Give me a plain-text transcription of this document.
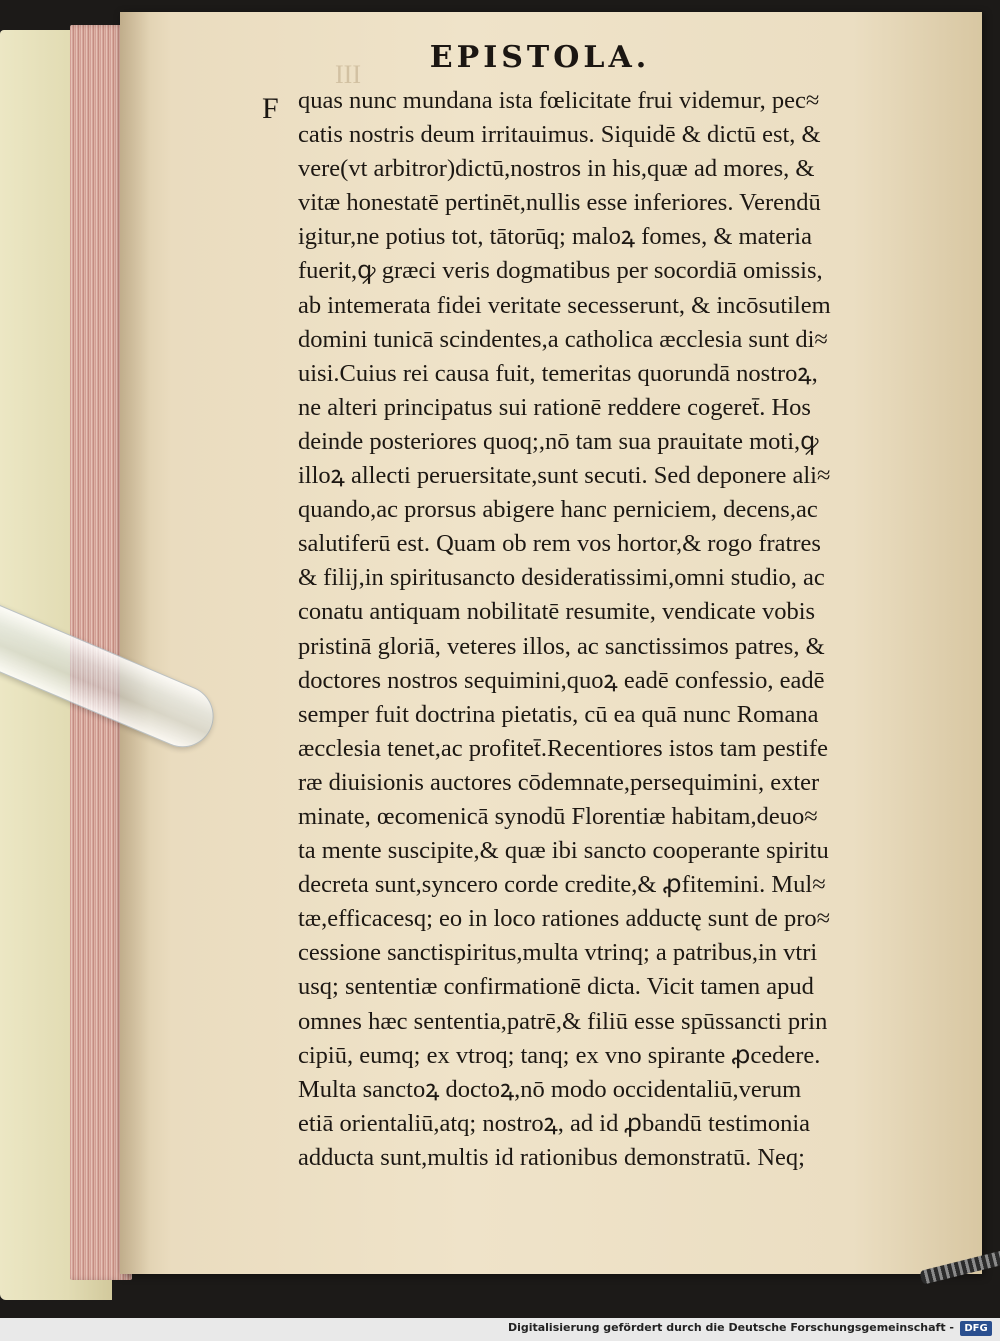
III	EPISTOLA.
F quas nunc mundana ista fœlicitate frui videmur, pec≈
catis nostris deum irritauimus. Siquidē & dictū est, &
vere(vt arbitror)dictū,nostros in his,quæ ad mores, &
vitæ honestatē pertinēt,nullis esse inferiores. Verendū
igitur,ne potius tot, tātorūq; maloꝝ fomes, & materia
fuerit,ꝙ græci veris dogmatibus per socordiā omissis,
ab intemerata fidei veritate secesserunt, & incōsutilem
domini tunicā scindentes,a catholica æcclesia sunt di≈
uisi.Cuius rei causa fuit, temeritas quorundā nostroꝝ,
ne alteri principatus sui rationē reddere cogeret̄. Hos
deinde posteriores quoq;,nō tam sua prauitate moti,ꝙ
illoꝝ allecti peruersitate,sunt secuti. Sed deponere ali≈
quando,ac prorsus abigere hanc perniciem, decens,ac
salutiferū est. Quam ob rem vos hortor,& rogo fratres
& filij,in spiritusancto desideratissimi,omni studio, ac
conatu antiquam nobilitatē resumite, vendicate vobis
pristinā gloriā, veteres illos, ac sanctissimos patres, &
doctores nostros sequimini,quoꝝ eadē confessio, eadē
semper fuit doctrina pietatis, cū ea quā nunc Romana
æcclesia tenet,ac profitet̄.Recentiores istos tam pestife
ræ diuisionis auctores cōdemnate,persequimini, exter
minate, œcomenicā synodū Florentiæ habitam,deuo≈
ta mente suscipite,& quæ ibi sancto cooperante spiritu
decreta sunt,syncero corde credite,& ꝓfitemini. Mul≈
tæ,efficacesq; eo in loco rationes adductę sunt de pro≈
cessione sanctispiritus,multa vtrinq; a patribus,in vtri
usq; sententiæ confirmationē dicta. Vicit tamen apud
omnes hæc sententia,patrē,& filiū esse spūssancti prin
cipiū, eumq; ex vtroq; tanq; ex vno spirante ꝓcedere.
Multa sanctoꝝ doctoꝝ,nō modo occidentaliū,verum
etiā orientaliū,atq; nostroꝝ, ad id ꝓbandū testimonia
adducta sunt,multis id rationibus demonstratū. Neq;
Digitalisierung gefördert durch die Deutsche Forschungsgemeinschaft -	DFG
